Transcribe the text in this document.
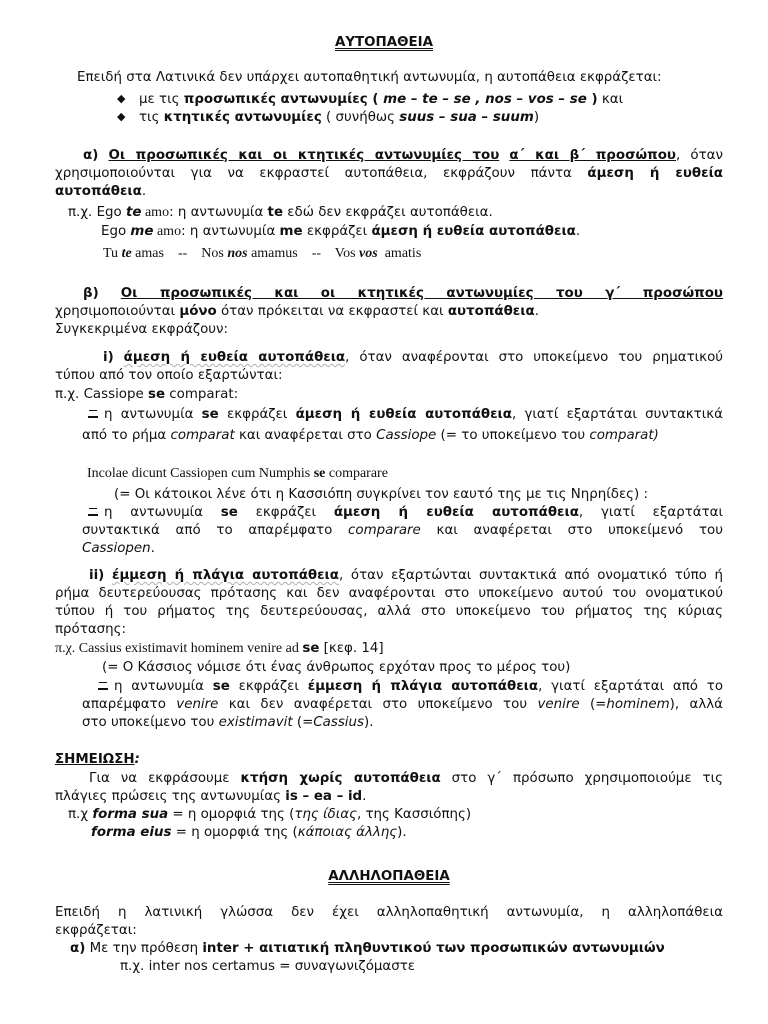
ΑΥΤΟΠΑΘΕΙΑ
Επειδή στα Λατινικά δεν υπάρχει αυτοπαθητική αντωνυμία, η αυτοπάθεια εκφράζεται:
◆ με τις προσωπικές αντωνυμίες ( me – te – se , nos – vos – se ) και
◆ τις κτητικές αντωνυμίες ( συνήθως suus – sua – suum)
α) Οι προσωπικές και οι κτητικές αντωνυμίες του α΄ και β΄ προσώπου, όταν
χρησιμοποιούνται για να εκφραστεί αυτοπάθεια, εκφράζουν πάντα άμεση ή ευθεία
αυτοπάθεια.
π.χ. Ego te amo: η αντωνυμία te εδώ δεν εκφράζει αυτοπάθεια.
Ego me amo: η αντωνυμία me εκφράζει άμεση ή ευθεία αυτοπάθεια.
Tu te amas    --    Nos nos amamus    --    Vos vos  amatis
β) Οι προσωπικές και οι κτητικές αντωνυμίες του γ΄ προσώπου
χρησιμοποιούνται μόνο όταν πρόκειται να εκφραστεί και αυτοπάθεια.
Συγκεκριμένα εκφράζουν:
i) άμεση ή ευθεία αυτοπάθεια, όταν αναφέρονται στο υποκείμενο του ρηματικού
τύπου από τον οποίο εξαρτώνται:
π.χ. Cassiope se comparat:
η αντωνυμία se εκφράζει άμεση ή ευθεία αυτοπάθεια, γιατί εξαρτάται συντακτικά
από το ρήμα comparat και αναφέρεται στο Cassiope (= το υποκείμενο του comparat)
Incolae dicunt Cassiopen cum Numphis se comparare
(= Οι κάτοικοι λένε ότι η Κασσιόπη συγκρίνει τον εαυτό της με τις Νηρηίδες) :
η αντωνυμία se εκφράζει άμεση ή ευθεία αυτοπάθεια, γιατί εξαρτάται
συντακτικά από το απαρέμφατο comparare και αναφέρεται στο υποκείμενό του
Cassiopen.
ii) έμμεση ή πλάγια αυτοπάθεια, όταν εξαρτώνται συντακτικά από ονοματικό τύπο ή
ρήμα δευτερεύουσας πρότασης και δεν αναφέρονται στο υποκείμενο αυτού του ονοματικού
τύπου ή του ρήματος της δευτερεύουσας, αλλά στο υποκείμενο του ρήματος της κύριας
πρότασης:
π.χ. Cassius existimavit hominem venire ad se [κεφ. 14]
(= Ο Κάσσιος νόμισε ότι ένας άνθρωπος ερχόταν προς το μέρος του)
η αντωνυμία se εκφράζει έμμεση ή πλάγια αυτοπάθεια, γιατί εξαρτάται από το
απαρέμφατο venire και δεν αναφέρεται στο υποκείμενο του venire (=hominem), αλλά
στο υποκείμενο του existimavit (=Cassius).
ΣΗΜΕΙΩΣΗ:
Για να εκφράσουμε κτήση χωρίς αυτοπάθεια στο γ΄ πρόσωπο χρησιμοποιούμε τις
πλάγιες πρώσεις της αντωνυμίας is – ea – id.
π.χ forma sua = η ομορφιά της (της ίδιας, της Κασσιόπης)
forma eius = η ομορφιά της (κάποιας άλλης).
ΑΛΛΗΛΟΠΑΘΕΙΑ
Επειδή η λατινική γλώσσα δεν έχει αλληλοπαθητική αντωνυμία, η αλληλοπάθεια
εκφράζεται:
α) Με την πρόθεση inter + αιτιατική πληθυντικού των προσωπικών αντωνυμιών
π.χ. inter nos certamus = συναγωνιζόμαστε
